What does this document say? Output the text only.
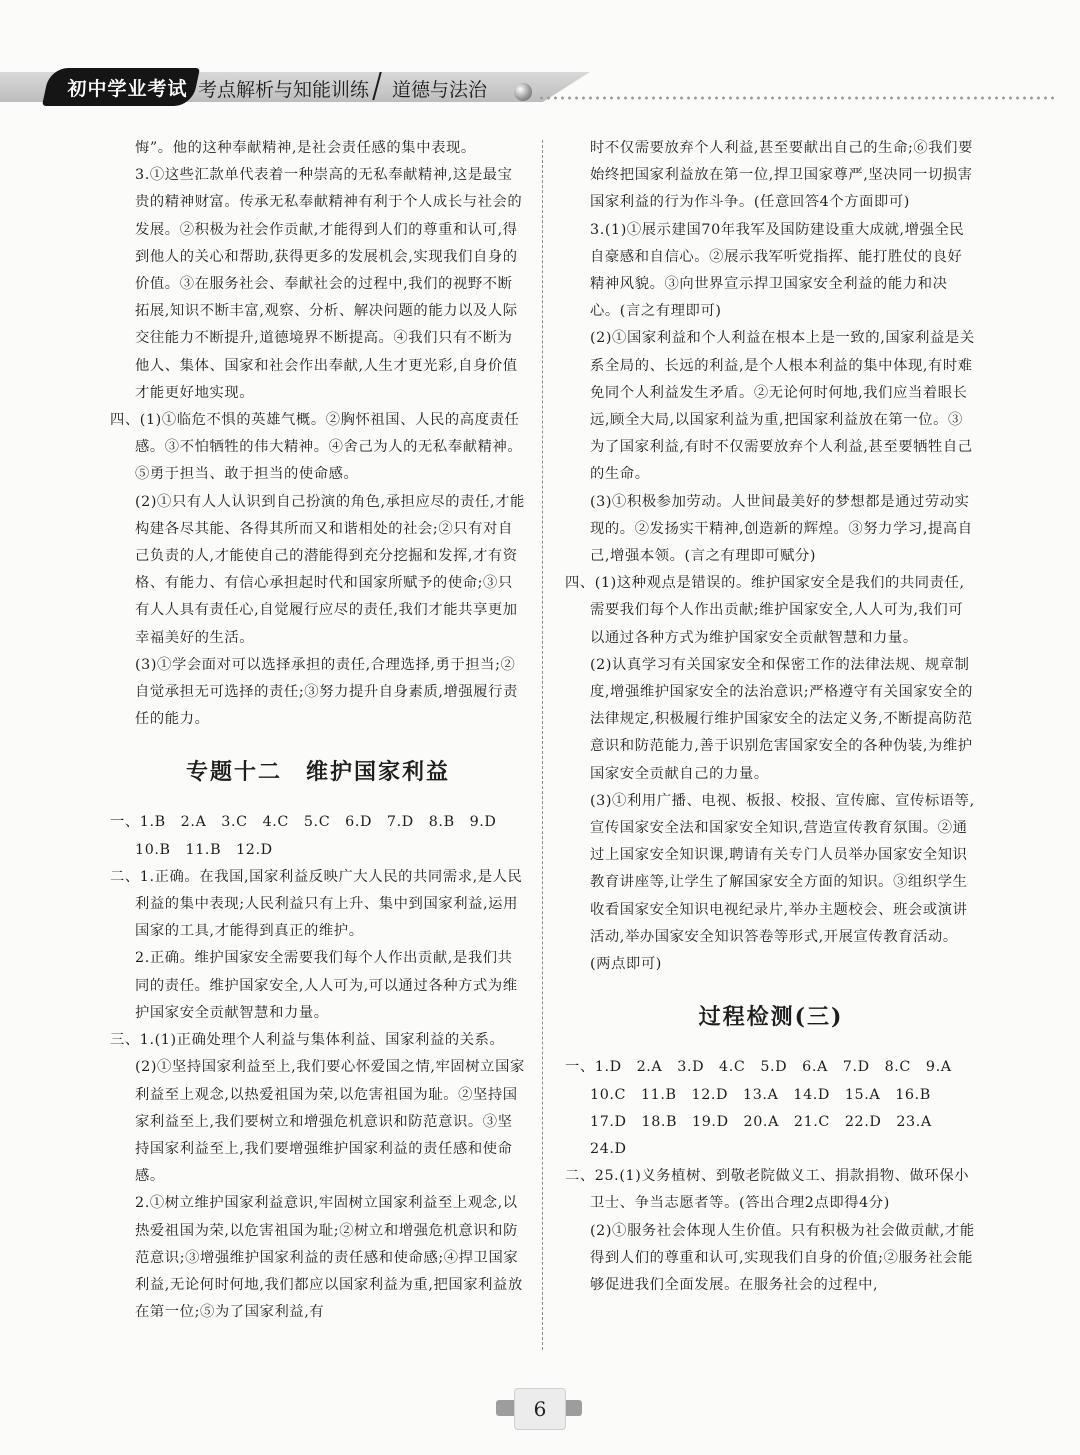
初中学业考试 考点解析与知能训练 道德与法治

悔”。他的这种奉献精神,是社会责任感的集中表现。

3.①这些汇款单代表着一种崇高的无私奉献精神,这是最宝贵的精神财富。传承无私奉献精神有利于个人成长与社会的发展。②积极为社会作贡献,才能得到人们的尊重和认可,得到他人的关心和帮助,获得更多的发展机会,实现我们自身的价值。③在服务社会、奉献社会的过程中,我们的视野不断拓展,知识不断丰富,观察、分析、解决问题的能力以及人际交往能力不断提升,道德境界不断提高。④我们只有不断为他人、集体、国家和社会作出奉献,人生才更光彩,自身价值才能更好地实现。

四、(1)①临危不惧的英雄气概。②胸怀祖国、人民的高度责任感。③不怕牺牲的伟大精神。④舍己为人的无私奉献精神。⑤勇于担当、敢于担当的使命感。

(2)①只有人人认识到自己扮演的角色,承担应尽的责任,才能构建各尽其能、各得其所而又和谐相处的社会;②只有对自己负责的人,才能使自己的潜能得到充分挖掘和发挥,才有资格、有能力、有信心承担起时代和国家所赋予的使命;③只有人人具有责任心,自觉履行应尽的责任,我们才能共享更加幸福美好的生活。

(3)①学会面对可以选择承担的责任,合理选择,勇于担当;②自觉承担无可选择的责任;③努力提升自身素质,增强履行责任的能力。

专题十二　维护国家利益

一、1.B　2.A　3.C　4.C　5.C　6.D　7.D　8.B　9.D　10.B　11.B　12.D

二、1.正确。在我国,国家利益反映广大人民的共同需求,是人民利益的集中表现;人民利益只有上升、集中到国家利益,运用国家的工具,才能得到真正的维护。

2.正确。维护国家安全需要我们每个人作出贡献,是我们共同的责任。维护国家安全,人人可为,可以通过各种方式为维护国家安全贡献智慧和力量。

三、1.(1)正确处理个人利益与集体利益、国家利益的关系。

(2)①坚持国家利益至上,我们要心怀爱国之情,牢固树立国家利益至上观念,以热爱祖国为荣,以危害祖国为耻。②坚持国家利益至上,我们要树立和增强危机意识和防范意识。③坚持国家利益至上,我们要增强维护国家利益的责任感和使命感。

2.①树立维护国家利益意识,牢固树立国家利益至上观念,以热爱祖国为荣,以危害祖国为耻;②树立和增强危机意识和防范意识;③增强维护国家利益的责任感和使命感;④捍卫国家利益,无论何时何地,我们都应以国家利益为重,把国家利益放在第一位;⑤为了国家利益,有

时不仅需要放弃个人利益,甚至要献出自己的生命;⑥我们要始终把国家利益放在第一位,捍卫国家尊严,坚决同一切损害国家利益的行为作斗争。(任意回答4个方面即可)

3.(1)①展示建国70年我军及国防建设重大成就,增强全民自豪感和自信心。②展示我军听党指挥、能打胜仗的良好精神风貌。③向世界宣示捍卫国家安全利益的能力和决心。(言之有理即可)

(2)①国家利益和个人利益在根本上是一致的,国家利益是关系全局的、长远的利益,是个人根本利益的集中体现,有时难免同个人利益发生矛盾。②无论何时何地,我们应当着眼长远,顾全大局,以国家利益为重,把国家利益放在第一位。③为了国家利益,有时不仅需要放弃个人利益,甚至要牺牲自己的生命。

(3)①积极参加劳动。人世间最美好的梦想都是通过劳动实现的。②发扬实干精神,创造新的辉煌。③努力学习,提高自己,增强本领。(言之有理即可赋分)

四、(1)这种观点是错误的。维护国家安全是我们的共同责任,需要我们每个人作出贡献;维护国家安全,人人可为,我们可以通过各种方式为维护国家安全贡献智慧和力量。

(2)认真学习有关国家安全和保密工作的法律法规、规章制度,增强维护国家安全的法治意识;严格遵守有关国家安全的法律规定,积极履行维护国家安全的法定义务,不断提高防范意识和防范能力,善于识别危害国家安全的各种伪装,为维护国家安全贡献自己的力量。

(3)①利用广播、电视、板报、校报、宣传廊、宣传标语等,宣传国家安全法和国家安全知识,营造宣传教育氛围。②通过上国家安全知识课,聘请有关专门人员举办国家安全知识教育讲座等,让学生了解国家安全方面的知识。③组织学生收看国家安全知识电视纪录片,举办主题校会、班会或演讲活动,举办国家安全知识答卷等形式,开展宣传教育活动。(两点即可)

过程检测(三)

一、1.D　2.A　3.D　4.C　5.D　6.A　7.D　8.C　9.A　10.C　11.B　12.D　13.A　14.D　15.A　16.B　17.D　18.B　19.D　20.A　21.C　22.D　23.A　24.D

二、25.(1)义务植树、到敬老院做义工、捐款捐物、做环保小卫士、争当志愿者等。(答出合理2点即得4分)

(2)①服务社会体现人生价值。只有积极为社会做贡献,才能得到人们的尊重和认可,实现我们自身的价值;②服务社会能够促进我们全面发展。在服务社会的过程中,

6
